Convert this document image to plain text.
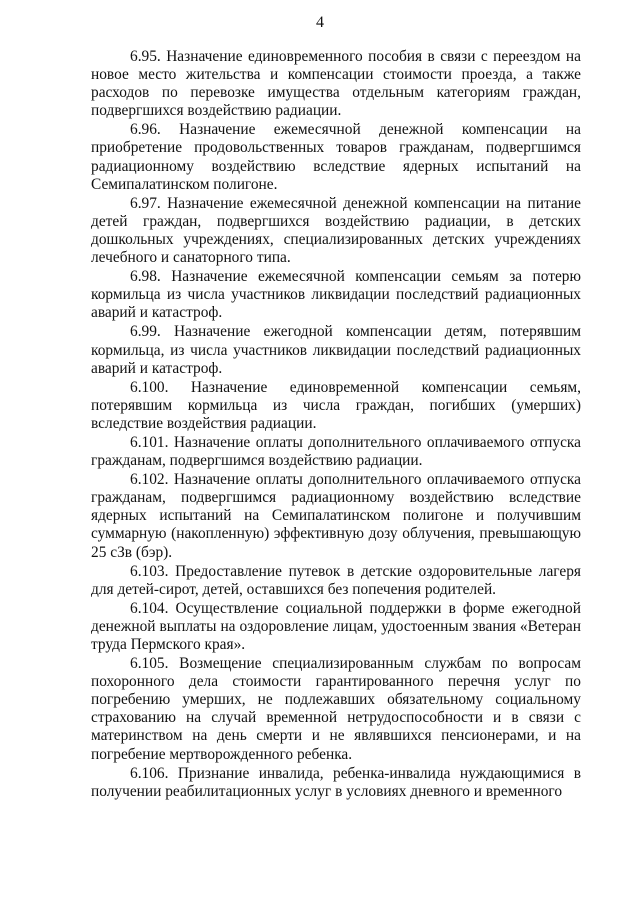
4

6.95. Назначение единовременного пособия в связи с переездом на новое место жительства и компенсации стоимости проезда, а также расходов по перевозке имущества отдельным категориям граждан, подвергшихся воздействию радиации.

6.96. Назначение ежемесячной денежной компенсации на приобретение продовольственных товаров гражданам, подвергшимся радиационному воздействию вследствие ядерных испытаний на Семипалатинском полигоне.

6.97. Назначение ежемесячной денежной компенсации на питание детей граждан, подвергшихся воздействию радиации, в детских дошкольных учреждениях, специализированных детских учреждениях лечебного и санаторного типа.

6.98. Назначение ежемесячной компенсации семьям за потерю кормильца из числа участников ликвидации последствий радиационных аварий и катастроф.

6.99. Назначение ежегодной компенсации детям, потерявшим кормильца, из числа участников ликвидации последствий радиационных аварий и катастроф.

6.100. Назначение единовременной компенсации семьям, потерявшим кормильца из числа граждан, погибших (умерших) вследствие воздействия радиации.

6.101. Назначение оплаты дополнительного оплачиваемого отпуска гражданам, подвергшимся воздействию радиации.

6.102. Назначение оплаты дополнительного оплачиваемого отпуска гражданам, подвергшимся радиационному воздействию вследствие ядерных испытаний на Семипалатинском полигоне и получившим суммарную (накопленную) эффективную дозу облучения, превышающую 25 сЗв (бэр).

6.103. Предоставление путевок в детские оздоровительные лагеря для детей-сирот, детей, оставшихся без попечения родителей.

6.104. Осуществление социальной поддержки в форме ежегодной денежной выплаты на оздоровление лицам, удостоенным звания «Ветеран труда Пермского края».

6.105. Возмещение специализированным службам по вопросам похоронного дела стоимости гарантированного перечня услуг по погребению умерших, не подлежавших обязательному социальному страхованию на случай временной нетрудоспособности и в связи с материнством на день смерти и не являвшихся пенсионерами, и на погребение мертворожденного ребенка.

6.106. Признание инвалида, ребенка-инвалида нуждающимися в получении реабилитационных услуг в условиях дневного и временного
